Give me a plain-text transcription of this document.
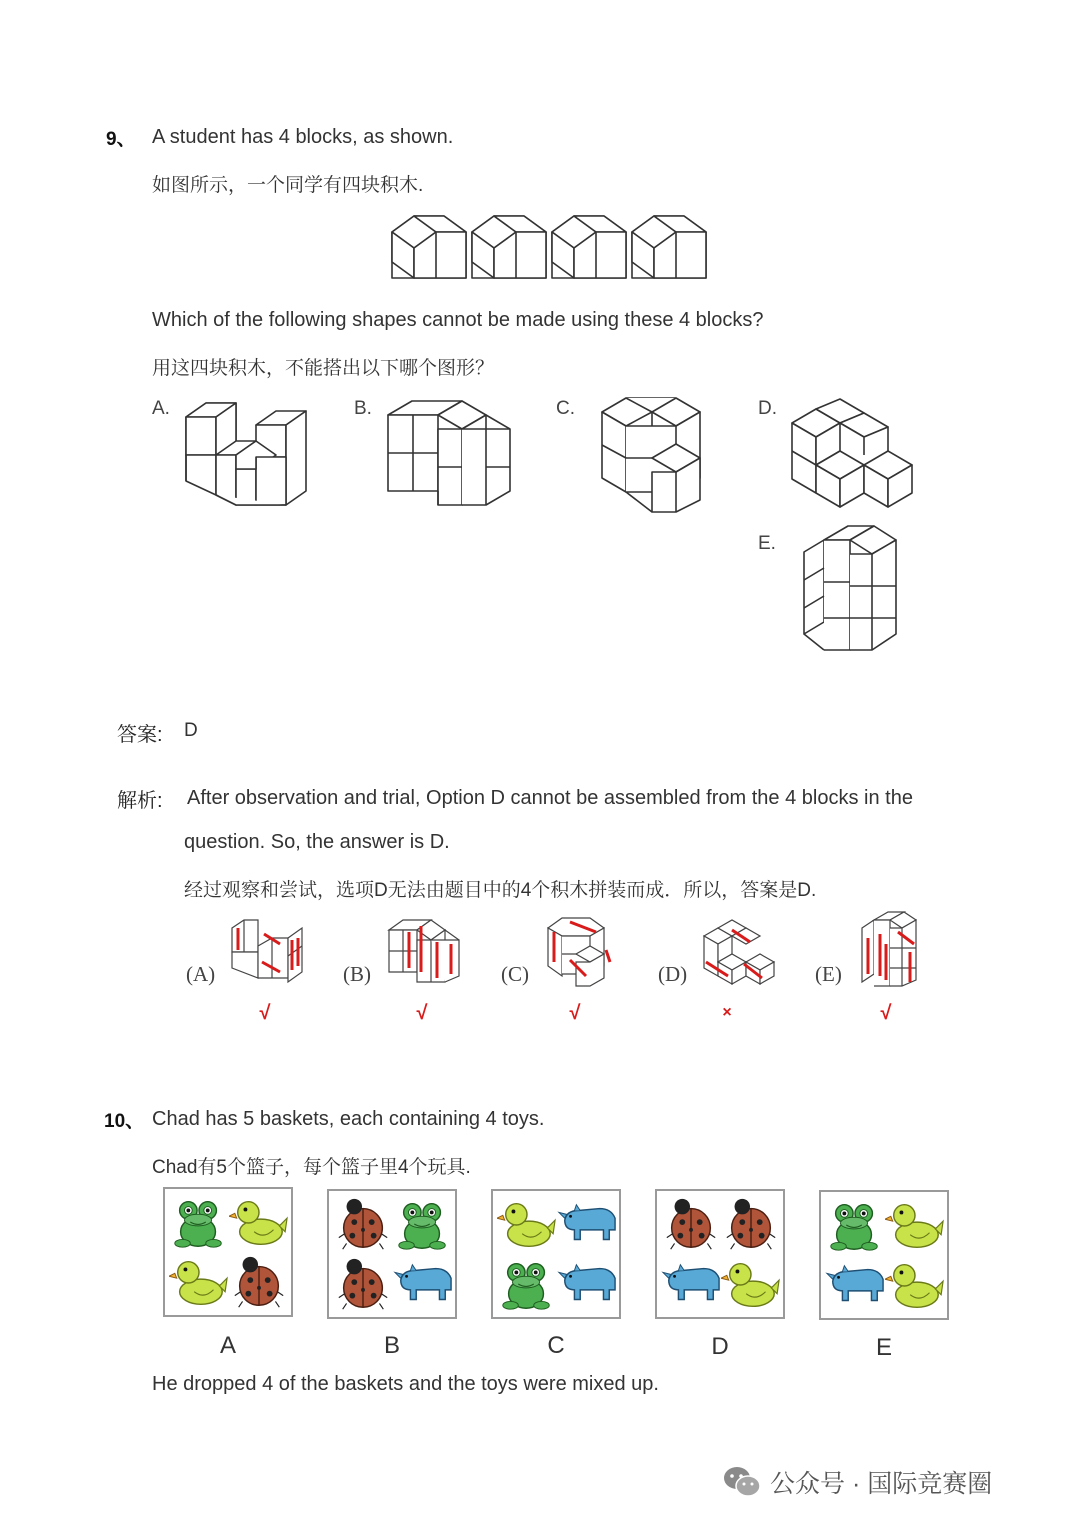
9、 A student has 4 blocks, as shown.
如图所示，一个同学有四块积木.
Which of the following shapes cannot be made using these 4 blocks?
用这四块积木，不能搭出以下哪个图形？
A.	B.	C.	D.
E.
答案: D
解析: After observation and trial, Option D cannot be assembled from the 4 blocks in the
question. So, the answer is D.
经过观察和尝试，选项D无法由题目中的4个积木拼装而成．所以，答案是D.
(A)	(B)	(C)	(D)	(E)
√	√	√	×	√
10、 Chad has 5 baskets, each containing 4 toys.
Chad有5个篮子，每个篮子里4个玩具.
A	B	C	D	E
He dropped 4 of the baskets and the toys were mixed up.
公众号 · 国际竞赛圈
